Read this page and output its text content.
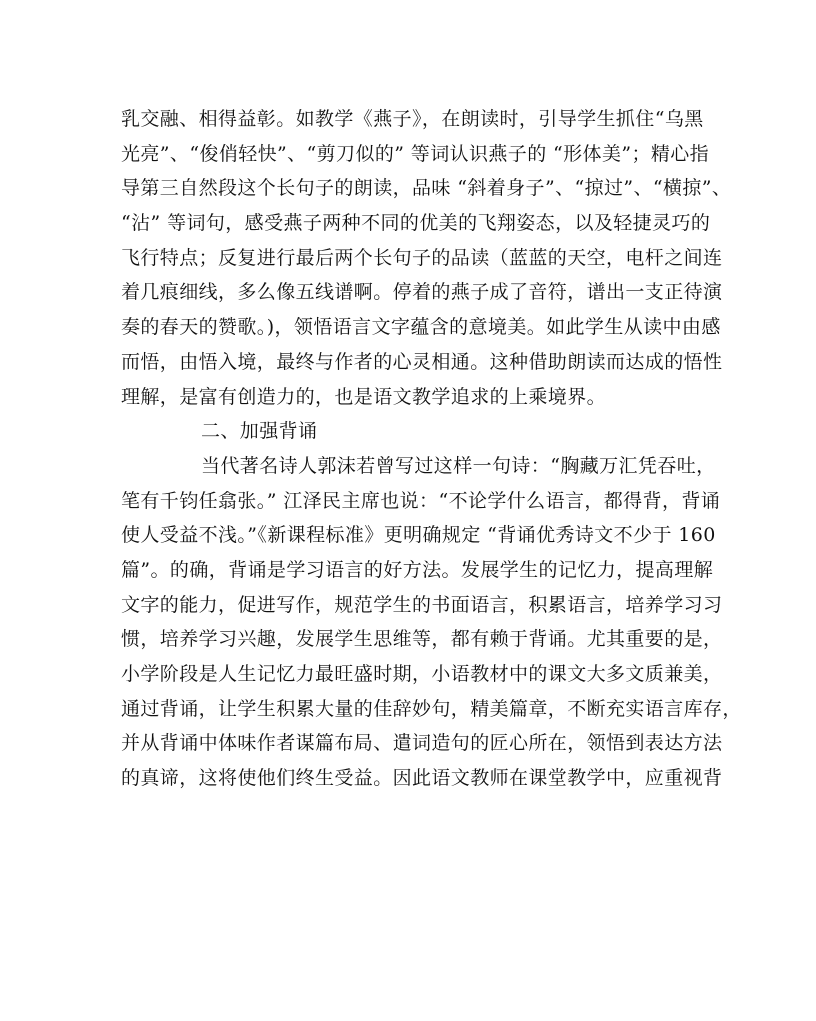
乳交融、相得益彰。如教学《燕子》，在朗读时，引导学生抓住“乌黑

光亮”、“俊俏轻快”、“剪刀似的” 等词认识燕子的 “形体美”；精心指

导第三自然段这个长句子的朗读，品味 “斜着身子”、“掠过”、“横掠”、

“沾” 等词句，感受燕子两种不同的优美的飞翔姿态，以及轻捷灵巧的

飞行特点；反复进行最后两个长句子的品读（蓝蓝的天空，电杆之间连

着几痕细线，多么像五线谱啊。停着的燕子成了音符，谱出一支正待演

奏的春天的赞歌。)，领悟语言文字蕴含的意境美。如此学生从读中由感

而悟，由悟入境，最终与作者的心灵相通。这种借助朗读而达成的悟性

理解，是富有创造力的，也是语文教学追求的上乘境界。

二、加强背诵

当代著名诗人郭沫若曾写过这样一句诗：“胸藏万汇凭吞吐，

笔有千钧任翕张。” 江泽民主席也说：“不论学什么语言，都得背，背诵

使人受益不浅。”《新课程标准》更明确规定 “背诵优秀诗文不少于 160

篇”。的确，背诵是学习语言的好方法。发展学生的记忆力，提高理解

文字的能力，促进写作，规范学生的书面语言，积累语言，培养学习习

惯，培养学习兴趣，发展学生思维等，都有赖于背诵。尤其重要的是，

小学阶段是人生记忆力最旺盛时期，小语教材中的课文大多文质兼美，

通过背诵，让学生积累大量的佳辞妙句，精美篇章，不断充实语言库存，

并从背诵中体味作者谋篇布局、遣词造句的匠心所在，领悟到表达方法

的真谛，这将使他们终生受益。因此语文教师在课堂教学中，应重视背
